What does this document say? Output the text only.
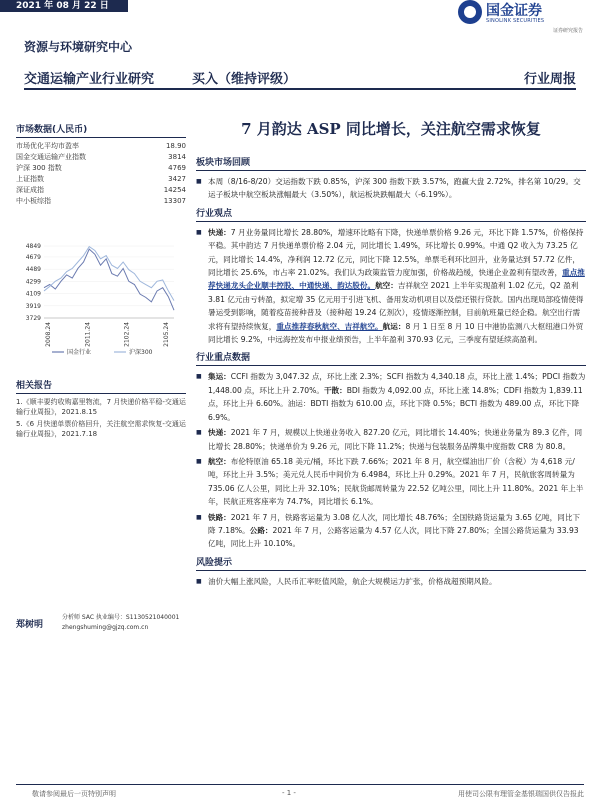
2021 年 08 月 22 日	国金证券
SINOLINK SECURITIES
证券研究报告
资源与环境研究中心
交通运输产业行业研究	买入（维持评级）	行业周报
市场数据(人民币)
市场优化平均市盈率	18.90
国金交通运输产业指数	3814
沪深 300 指数	4769
上证指数	3427
深证成指	14254
中小板综指	13307
4849
4679
4489
4299
4109
3919
3729
2008.24	2011.24	2102.24	2105.24
国金行业	沪深300
相关报告
1.《顺丰要约收购嘉里物流，7 月快递价格平稳-交通运输行业周报》，2021.8.15
5.《6 月快递单票价格回升，关注航空需求恢复-交通运输行业周报》，2021.7.18
郑树明
分析师 SAC 执业编号：S1130521040001
zhengshuming@gjzq.com.cn
7 月韵达 ASP 同比增长，关注航空需求恢复
板块市场回顾
■ 本周（8/16-8/20）交运指数下跌 0.85%，沪深 300 指数下跌 3.57%，跑赢大盘 2.72%，排名第 10/29。交运子板块中航空板块涨幅最大（3.50%），航运板块跌幅最大（-6.19%）。
行业观点
■ 快递：7 月业务量同比增长 28.80%，增速环比略有下降，快递单票价格 9.26 元，环比下降 1.57%，价格保持平稳。其中韵达 7 月快递单票价格 2.04 元，同比增长 1.49%，环比增长 0.99%。中通 Q2 收入为 73.25 亿元，同比增长 14.4%，净利润 12.72 亿元，同比下降 12.5%，单票毛利环比回升，业务量达到 57.72 亿件，同比增长 25.6%，市占率 21.02%。我们认为政策监管力度加强，价格战趋缓，快递企业盈利有望改善，重点推荐快递龙头企业顺丰控股、中通快递、韵达股份。航空：吉祥航空 2021 上半年实现盈利 1.02 亿元，Q2 盈利 3.81 亿元由亏转盈，拟定增 35 亿元用于引进飞机、备用发动机项目以及偿还银行贷款。国内出现局部疫情使得暑运受到影响，随着疫苗接种普及（接种超 19.24 亿剂次），疫情逐渐控制，目前航班量已经企稳。航空出行需求将有望持续恢复，重点推荐春秋航空、吉祥航空。航运：8 月 1 日至 8 月 10 日中港协监测八大枢纽港口外贸同比增长 9.2%，中远海控发布中报业绩预告，上半年盈利 370.93 亿元，三季度有望延续高盈利。
行业重点数据
■ 集运：CCFI 指数为 3,047.32 点，环比上涨 2.3%；SCFI 指数为 4,340.18 点，环比上涨 1.4%；PDCI 指数为 1,448.00 点，环比上升 2.70%。干散：BDI 指数为 4,092.00 点，环比上涨 14.8%；CDFI 指数为 1,839.11 点，环比上升 6.60%。油运：BDTI 指数为 610.00 点，环比下降 0.5%；BCTI 指数为 489.00 点，环比下降 6.9%。
■ 快递：2021 年 7 月，规模以上快递业务收入 827.20 亿元，同比增长 14.40%；快递业务量为 89.3 亿件，同比增长 28.80%；快递单价为 9.26 元，同比下降 11.2%；快递与包装服务品牌集中度指数 CR8 为 80.8。
■ 航空：布伦特原油 65.18 美元/桶，环比下跌 7.66%；2021 年 8 月，航空煤油出厂价（含税）为 4,618 元/吨，环比上升 3.5%；美元兑人民币中间价为 6.4984，环比上升 0.29%。2021 年 7 月，民航旅客周转量为 735.06 亿人公里，同比上升 32.10%；民航货邮周转量为 22.52 亿吨公里，同比上升 11.80%。2021 年上半年，民航正班客座率为 74.7%，同比增长 6.1%。
■ 铁路：2021 年 7 月，铁路客运量为 3.08 亿人次，同比增长 48.76%；全国铁路货运量为 3.65 亿吨，同比下降 7.18%。公路：2021 年 7 月，公路客运量为 4.57 亿人次，同比下降 27.80%；全国公路货运量为 33.93 亿吨，同比上升 10.10%。
风险提示
■ 油价大幅上涨风险，人民币汇率贬值风险，航企大规模运力扩张，价格战超预期风险。
敬请参阅最后一页特别声明	- 1 -	用使司公限有理管金基银瑞国供仅告报此
